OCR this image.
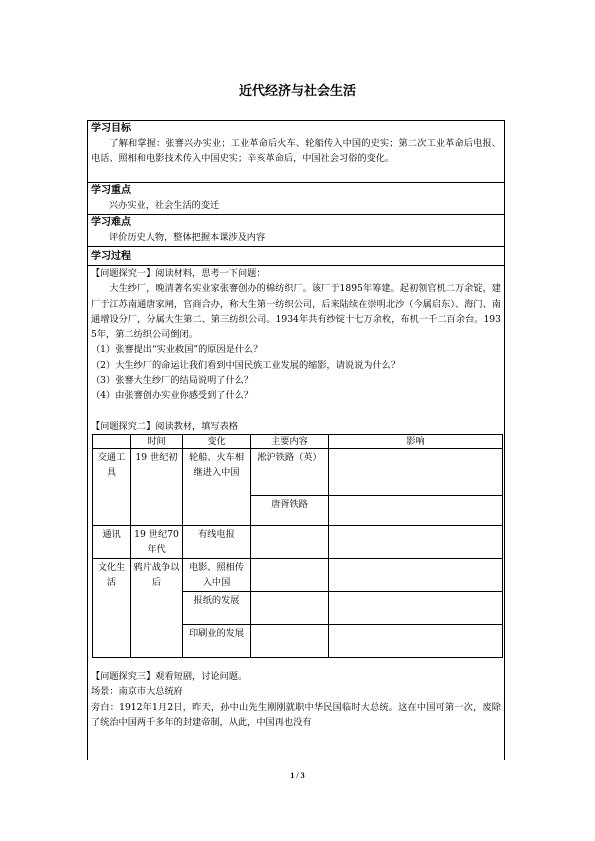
近代经济与社会生活
学习目标
了解和掌握：张謇兴办实业；工业革命后火车、轮船传入中国的史实；第二次工业革命后电报、电话、照相和电影技术传入中国史实；辛亥革命后，中国社会习俗的变化。
学习重点
兴办实业，社会生活的变迁
学习难点
评价历史人物，整体把握本课涉及内容
学习过程
【问题探究一】阅读材料，思考一下问题：
大生纱厂，晚清著名实业家张謇创办的棉纺织厂。该厂于1895年筹建。起初领官机二万余锭，建厂于江苏南通唐家闸，官商合办，称大生第一纺织公司，后来陆续在崇明北沙（今属启东）、海门、南通增设分厂，分属大生第二、第三纺织公司。1934年共有纱锭十七万余枚，布机一千二百余台。1935年，第二纺织公司倒闭。
（1）张謇提出“实业救国”的原因是什么？
（2）大生纱厂的命运让我们看到中国民族工业发展的缩影，请说说为什么？
（3）张謇大生纱厂的结局说明了什么？
（4）由张謇创办实业你感受到了什么？
【问题探究二】阅读教材，填写表格
	时间	变化	主要内容	影响
交通工具	19 世纪初	轮船、火车相继进入中国	淞沪铁路（英）	
			唐胥铁路	
通讯	19 世纪70 年代	有线电报		
文化生活	鸦片战争以后	电影、照相传入中国		
		报纸的发展		
		印刷业的发展		
【问题探究三】观看短剧，讨论问题。
场景：南京市大总统府
旁白：1912年1月2日，昨天，孙中山先生刚刚就职中华民国临时大总统。这在中国可第一次，废除了统治中国两千多年的封建帝制，从此，中国再也没有
1 / 3
